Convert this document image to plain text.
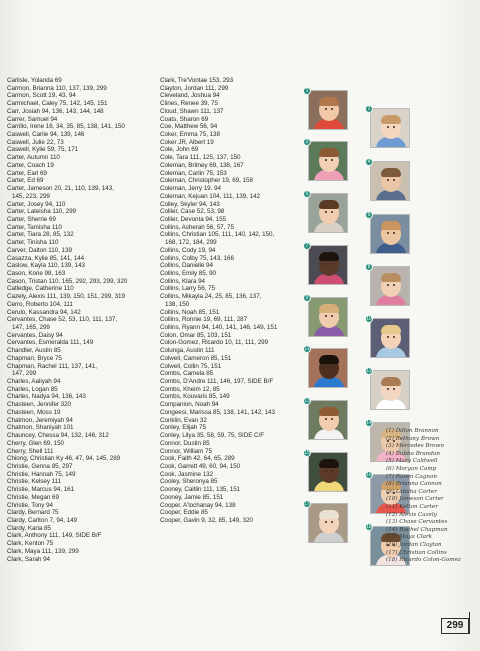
Carlisle, Yolanda 69
Carmon, Brianna 110, 137, 139, 299
Carmon, Scott 19, 43, 94
Carmichael, Caley 75, 142, 145, 151
Carr, Josiah 94, 136, 143, 144, 148
Carrer, Samuel 94
Carrillo, Irene 16, 34, 35, 85, 138, 141, 150
Caswell, Carlie 94, 139, 146
Caswell, Julie 22, 73
Caswell, Kylie 59, 75, 171
Carter, Autumn 110
Carter, Coach 19
Carter, Earl 69
Carter, Ed 69
Carter, Jameson 20, 21, 110, 139, 143,
145, 223, 299
Carter, Josey 94, 110
Carter, Lateisha 110, 299
Carter, Sherrie 69
Carter, Tamisha 110
Carter, Tiara 28, 85, 132
Carter, Tinisha 110
Carver, Dalton 110, 139
Casazza, Kylie 85, 141, 144
Caslow, Kayla 110, 139, 143
Cason, Korie 98, 163
Cason, Tristan 110, 165, 292, 293, 299, 320
Catledge, Catherine 110
Cazely, Alexis 111, 139, 150, 151, 299, 319
Cerro, Roberto 104, 111
Cerulo, Kassandra 94, 142
Cervantes, Chase 52, 53, 110, 111, 137,
147, 165, 299
Cervantes, Daisy 94
Cervantes, Esmeralda 111, 149
Chandler, Austin 85
Chapman, Bryce 75
Chapman, Rachel 111, 137, 141,
147, 299
Charles, Aaliyah 94
Charles, Logan 85
Charles, Nadya 94, 136, 143
Chasteen, Jennifer 320
Chasteen, Moss 19
Chatmon, Jeremiyah 94
Chatmon, Shaniyah 101
Chauncey, Chessa 94, 132, 146, 312
Cherry, Glen 69, 150
Cherry, Shell 111
Chiong, Christian Ky 46, 47, 94, 145, 289
Christie, Genna 85, 297
Christie, Hannah 75, 149
Christie, Kelsey 111
Christie, Marcus 94, 161
Christie, Megan 69
Christie, Tony 94
Clardy, Bernard 75
Clardy, Carlton 7, 94, 149
Clardy, Karla 85
Clark, Anthony 111, 149, SIDE B/F
Clark, Kenton 75
Clark, Maya 111, 139, 299
Clark, Sarah 94
Clark, Tre'Vontae 153, 293
Clayton, Jordan 111, 299
Cleveland, Joshua 94
Clines, Renee 39, 75
Cloud, Shawn 111, 137
Coats, Sharon 69
Coe, Matthew 56, 94
Coker, Emma 75, 138
Coker JR, Albert 19
Cole, John 69
Cole, Tara 111, 125, 137, 150
Coleman, Britney 69, 138, 167
Coleman, Carlin 75, 153
Coleman, Christopher 19, 69, 158
Coleman, Jerry 19, 94
Coleman, Kejuan 104, 111, 139, 142
Colley, Skyler 94, 143
Collier, Case 52, 53, 98
Collier, Devonta 94, 155
Collins, Asherah 56, 57, 75
Collins, Christian 105, 111, 140, 142, 150,
168, 172, 184, 299
Collins, Cody 19, 94
Collins, Colby 75, 143, 166
Collins, Danielle 94
Collins, Emily 85, 90
Collins, Klara 94
Collins, Larry 56, 75
Collins, Mikayla 24, 25, 85, 136, 137,
138, 150
Collins, Noah 85, 151
Collins, Ronnie 19, 69, 111, 287
Collins, Ryann 94, 140, 141, 146, 149, 151
Colon, Omar 85, 103, 151
Colon-Gomez, Ricardo 10, 11, 111, 299
Colunga, Austin 111
Colwell, Cameron 85, 151
Colwell, Collin 75, 151
Combs, Camela 85
Combs, D'Andre 111, 146, 197, SIDE B/F
Combs, Kheim 12, 85
Combs, Kouvaris 85, 149
Companion, Noah 94
Congeesi, Marissa 85, 138, 141, 142, 143
Conklin, Evan 32
Conley, Elijah 75
Conley, Lilya 35, 58, 59, 75, SIDE C/F
Connor, Dustin 85
Connor, William 75
Cook, Faith 42, 64, 65, 289
Cook, Garrett 49, 60, 94, 150
Cook, Jasmine 132
Cooley, Sheronya 85
Cooney, Caitlin 111, 135, 151
Cooney, Jamie 85, 151
Cooper, A'lochanay 94, 138
Cooper, Eddie 85
Cooper, Gavin 9, 32, 85, 149, 320
1
2
3
4
5
6
7
8
9
10
11
12
13
14
15
16
17
18
(1) Dillon Brannon
(2) Bethany Brown
(3) Mercedes Brown
(4) Bubba Brandon
(5) Macy Caldwell
(6) Morgan Camp
(7) Raven Cagnon
(8) Brianna Cannon
(9) Latisha Carter
(10) Jameson Carter
(11) Kelton Carter
(12) Alexis Cazely
(13) Chase Cervantes
(14) Rachel Chapman
(15) Maya Clark
(16) Jordan Clayton
(17) Christian Collins
(18) Ricardo Colon-Gomez
299
